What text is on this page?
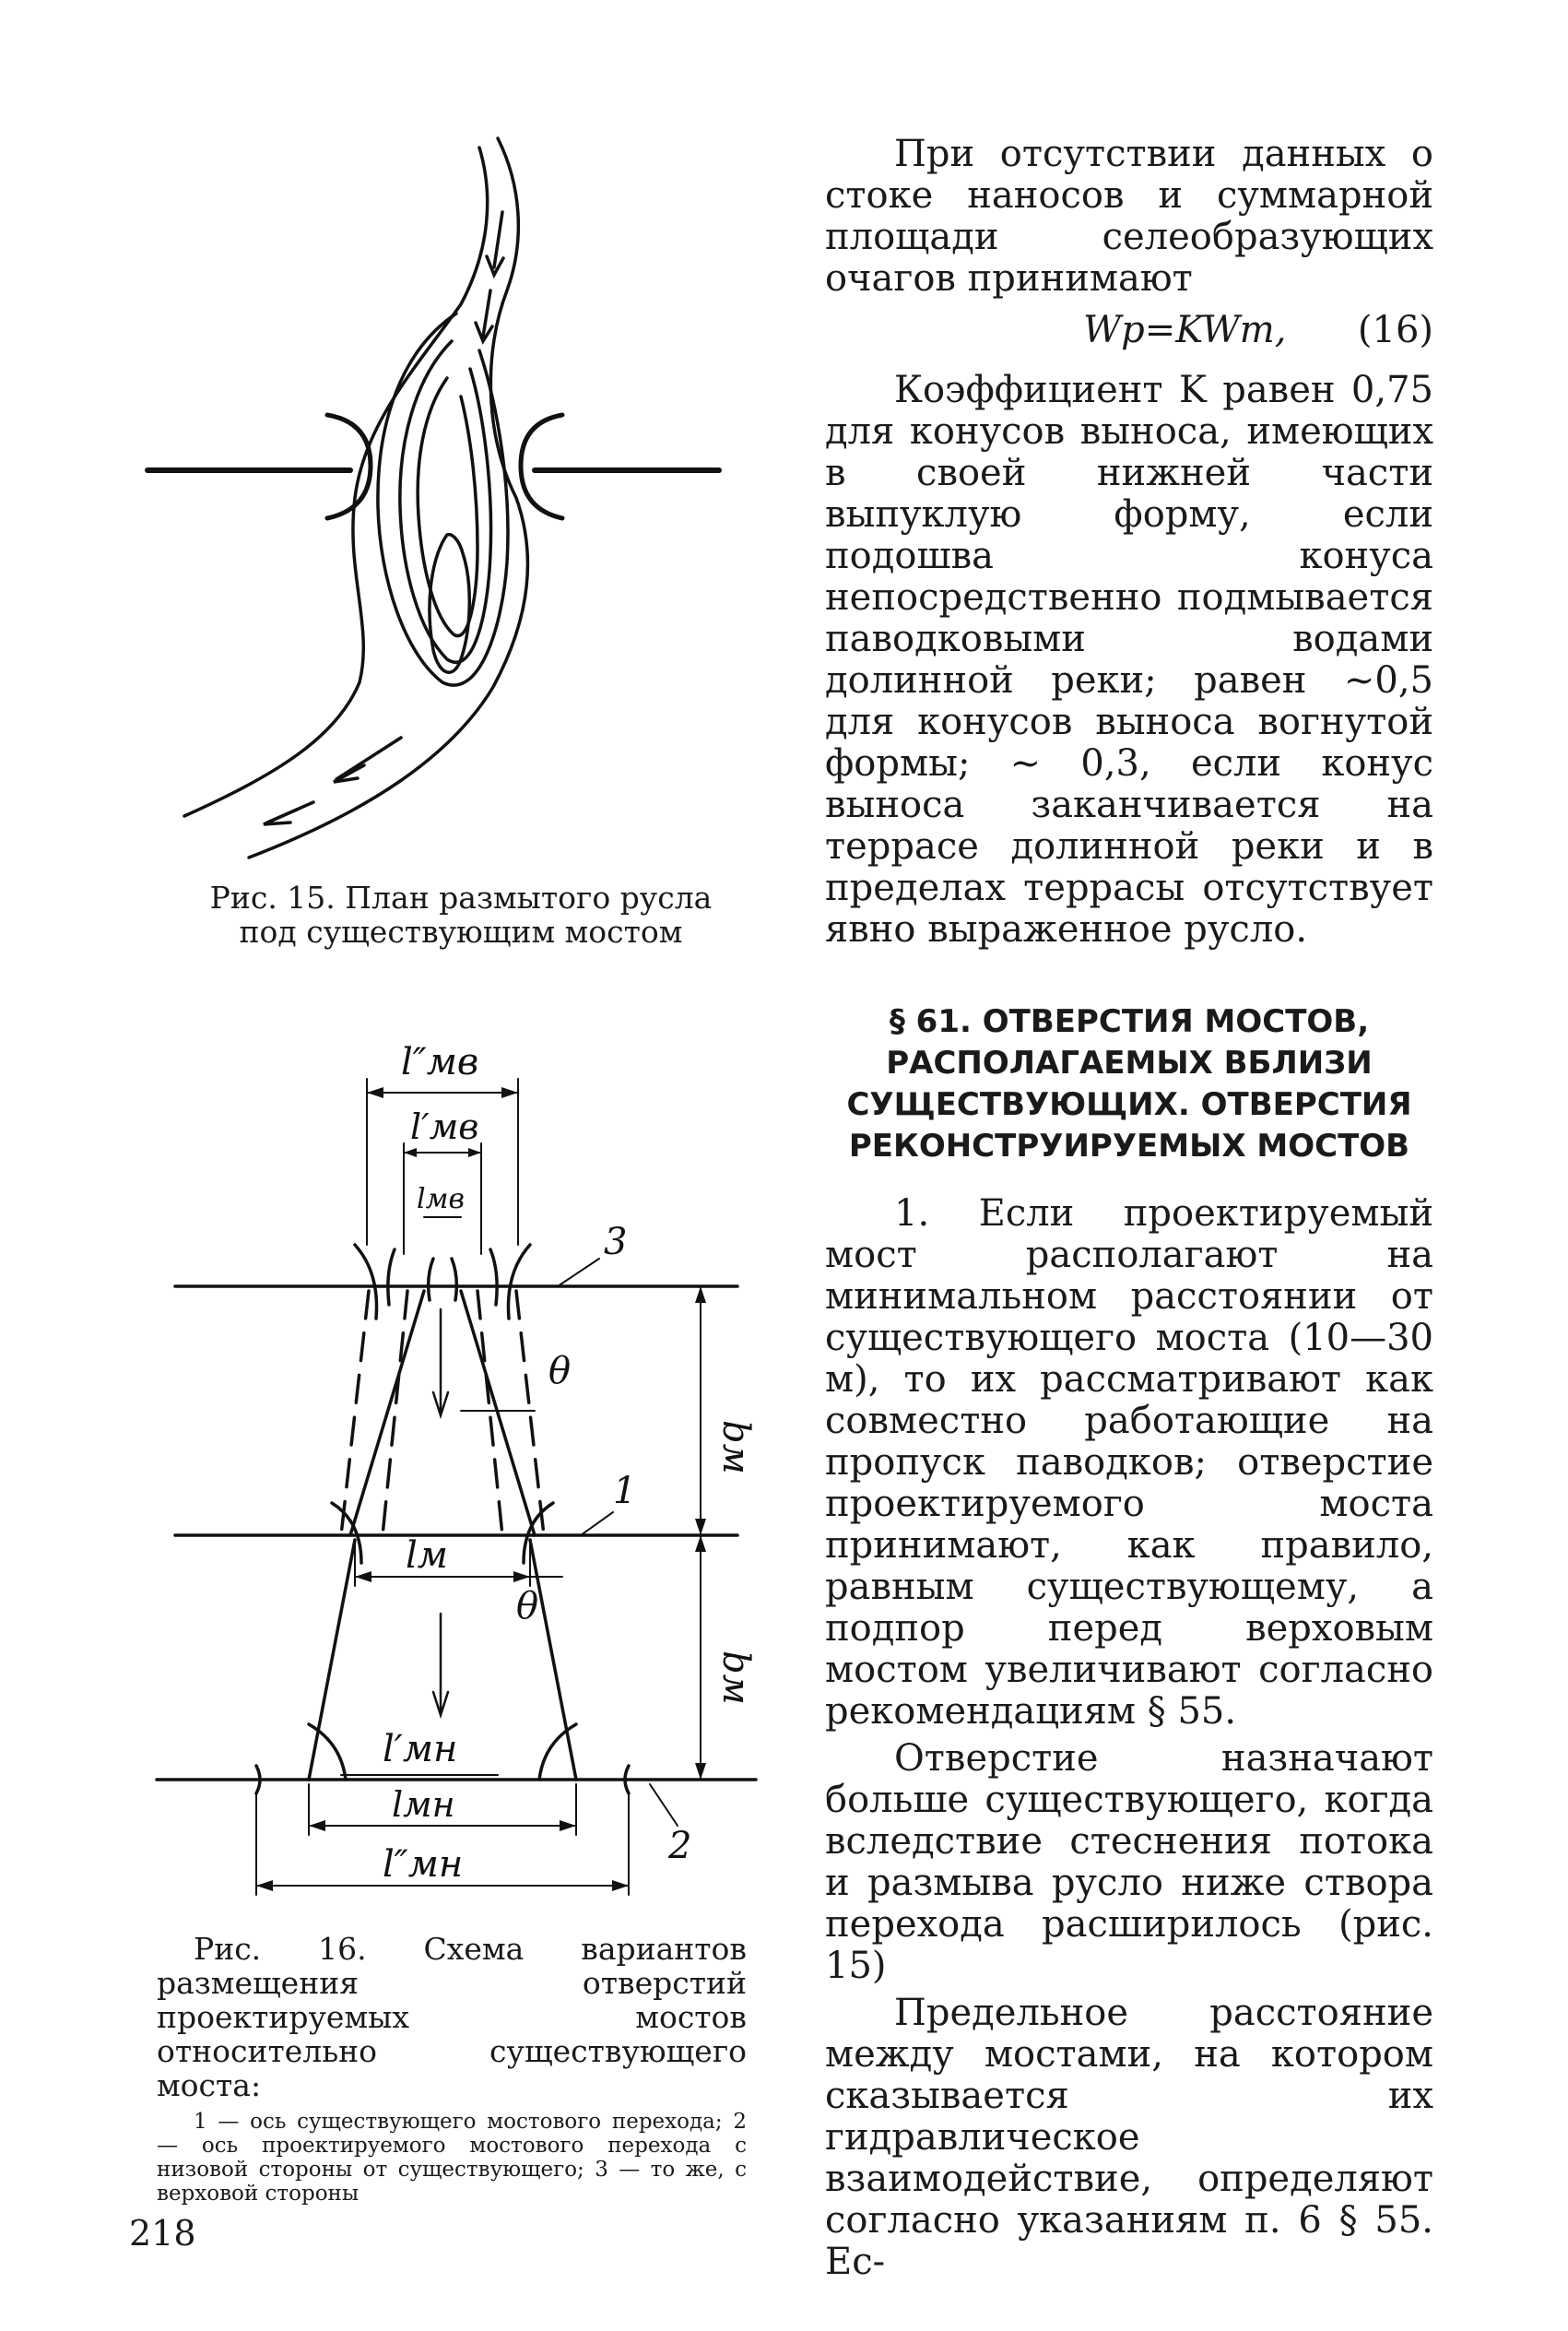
Рис. 15. План размытого русла под существующим мостом
l″мв
l′мв
lмв
3
θ
bм
1
lм
θ
bм
l′мн
lмн
2
l″мн
Рис. 16. Схема вариантов размещения отверстий проектируемых мостов относительно существующего моста:
1 — ось существующего мостового перехода; 2 — ось проектируемого мостового перехода с низовой стороны от существующего; 3 — то же, с верховой стороны
218

При отсутствии данных о стоке наносов и суммарной площади селеобразующих очагов принимают

Wр=KWт, (16)

Коэффициент K равен 0,75 для конусов выноса, имеющих в своей нижней части выпуклую форму, если подошва конуса непосредственно подмывается паводковыми водами долинной реки; равен ~0,5 для конусов выноса вогнутой формы; ~ 0,3, если конус выноса заканчивается на террасе долинной реки и в пределах террасы отсутствует явно выраженное русло.

§ 61. ОТВЕРСТИЯ МОСТОВ, РАСПОЛАГАЕМЫХ ВБЛИЗИ СУЩЕСТВУЮЩИХ. ОТВЕРСТИЯ РЕКОНСТРУИРУЕМЫХ МОСТОВ

1. Если проектируемый мост располагают на минимальном расстоянии от существующего моста (10—30 м), то их рассматривают как совместно работающие на пропуск паводков; отверстие проектируемого моста принимают, как правило, равным существующему, а подпор перед верховым мостом увеличивают согласно рекомендациям § 55.

Отверстие назначают больше существующего, когда вследствие стеснения потока и размыва русло ниже створа перехода расширилось (рис. 15)

Предельное расстояние между мостами, на котором сказывается их гидравлическое взаимодействие, определяют согласно указаниям п. 6 § 55. Ес-
